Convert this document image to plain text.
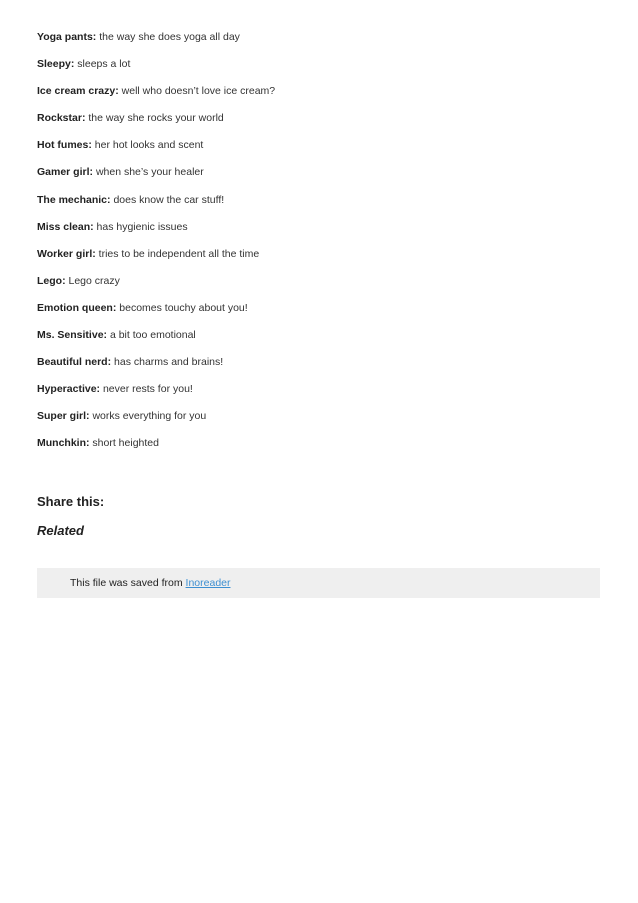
Yoga pants: the way she does yoga all day
Sleepy: sleeps a lot
Ice cream crazy: well who doesn’t love ice cream?
Rockstar: the way she rocks your world
Hot fumes: her hot looks and scent
Gamer girl: when she’s your healer
The mechanic: does know the car stuff!
Miss clean: has hygienic issues
Worker girl: tries to be independent all the time
Lego: Lego crazy
Emotion queen: becomes touchy about you!
Ms. Sensitive: a bit too emotional
Beautiful nerd: has charms and brains!
Hyperactive: never rests for you!
Super girl: works everything for you
Munchkin: short heighted
Share this:
Related
This file was saved from Inoreader
